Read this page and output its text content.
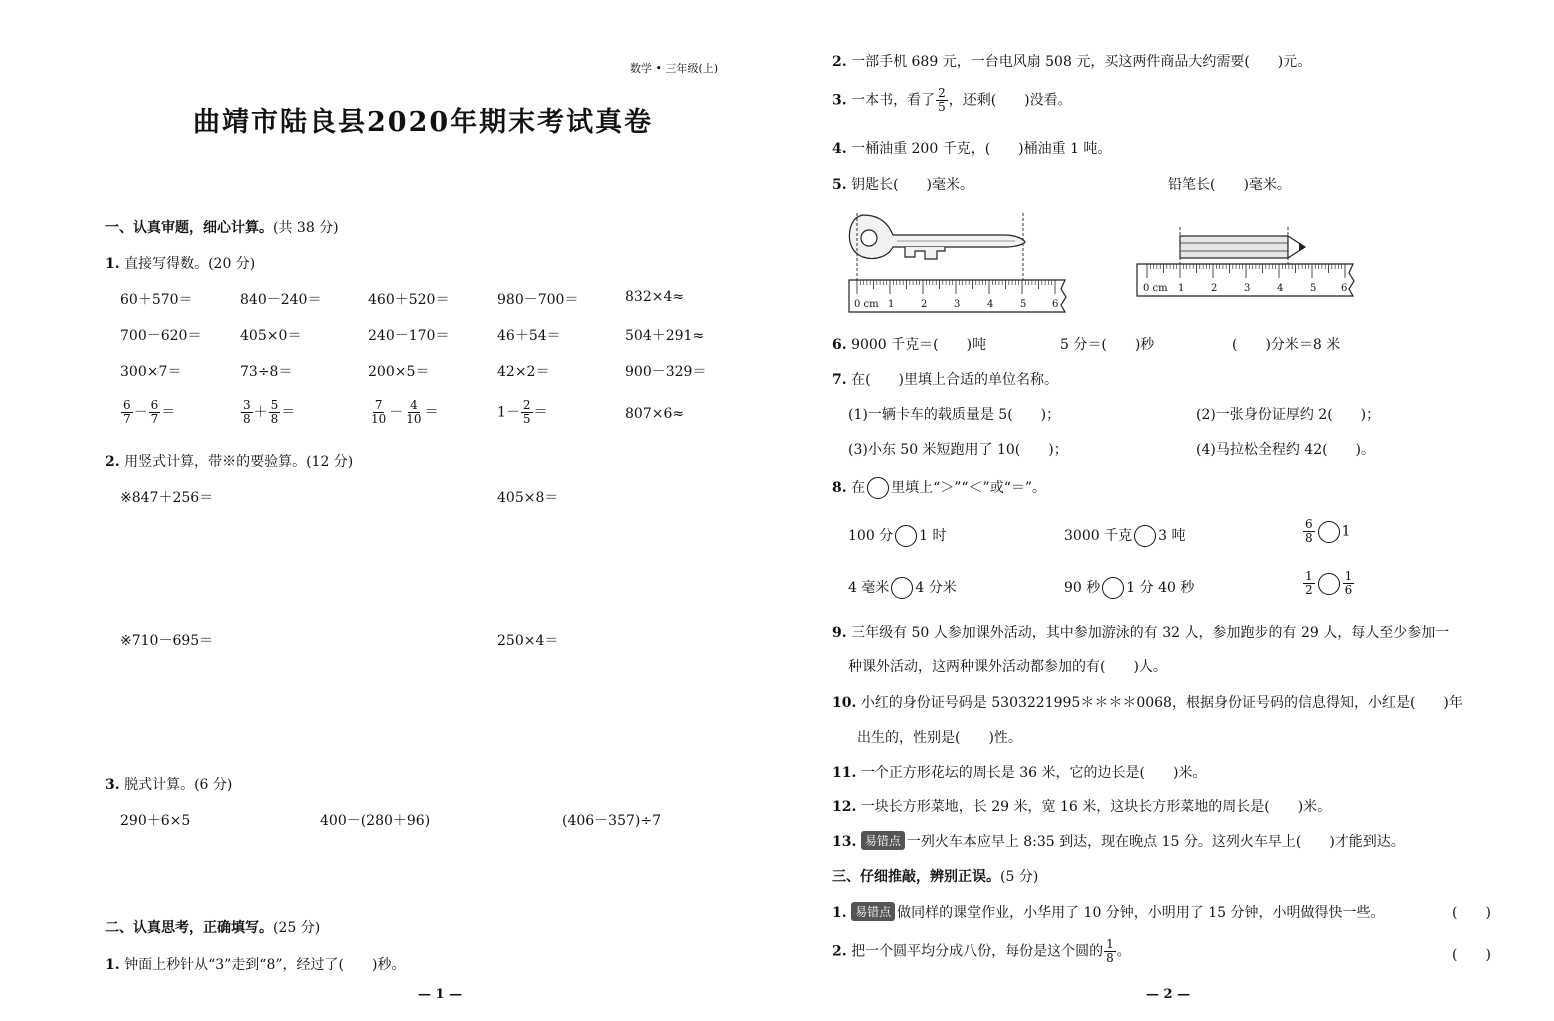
数学 • 三年级(上)
曲靖市陆良县2020年期末考试真卷
一、认真审题，细心计算。(共 38 分)
1. 直接写得数。(20 分)
60＋570＝	840－240＝	460＋520＝	980－700＝	832×4≈
700－620＝	405×0＝	240－170＝	46＋54＝	504＋291≈
300×7＝	73÷8＝	200×5＝	42×2＝	900－329＝
$\frac{6}{7} - \frac{6}{7}$ ＝	$\frac{3}{8} + \frac{5}{8}$ ＝	$\frac{7}{10} - \frac{4}{10}$ ＝	$1- \frac{2}{5}$ ＝	807×6≈
2. 用竖式计算，带※的要验算。(12 分)
※847＋256＝	405×8＝
※710－695＝	250×4＝
3. 脱式计算。(6 分)
290＋6×5	400－(280＋96)	(406－357)÷7
二、认真思考，正确填写。(25 分)
1. 钟面上秒针从“3”走到“8”，经过了(　　)秒。
— 1 —
2. 一部手机 689 元，一台电风扇 508 元，买这两件商品大约需要(　　)元。
3. 一本书，看了 $\frac{2}{5}$ ，还剩(　　)没看。
4. 一桶油重 200 千克，(　　)桶油重 1 吨。
5. 钥匙长(　　)毫米。	铅笔长(　　)毫米。
0 cm 1	2	3	4	5	6
0 cm 1	2	3	4	5 6
6. 9000 千克＝(　　)吨	5 分＝(　　)秒	(　　)分米＝8 米
7. 在(　　)里填上合适的单位名称。
(1)一辆卡车的载质量是 5(　　)；	(2)一张身份证厚约 2(　　)；
(3)小东 50 米短跑用了 10(　　)；	(4)马拉松全程约 42(　　)。
8. 在 里填上“＞”“＜”或“＝”。
100 分 1 时	3000 千克 3 吨	$\frac{6}{8} 1$
4 毫米 4 分米	90 秒 1 分 40 秒	$\frac{1}{2} \frac{1}{6}$
9. 三年级有 50 人参加课外活动，其中参加游泳的有 32 人，参加跑步的有 29 人，每人至少参加一
种课外活动，这两种课外活动都参加的有(　　)人。
10. 小红的身份证号码是 5303221995＊＊＊＊0068，根据身份证号码的信息得知，小红是(　　)年
出生的，性别是(　　)性。
11. 一个正方形花坛的周长是 36 米，它的边长是(　　)米。
12. 一块长方形菜地，长 29 米，宽 16 米，这块长方形菜地的周长是(　　)米。
13. 易错点 一列火车本应早上 8:35 到达，现在晚点 15 分。这列火车早上(　　)才能到达。
三、仔细推敲，辨别正误。(5 分)
1. 易错点 做同样的课堂作业，小华用了 10 分钟，小明用了 15 分钟，小明做得快一些。	(　　)
2. 把一个圆平均分成八份，每份是这个圆的 $\frac{1}{8}$ 。	(　　)
— 2 —
